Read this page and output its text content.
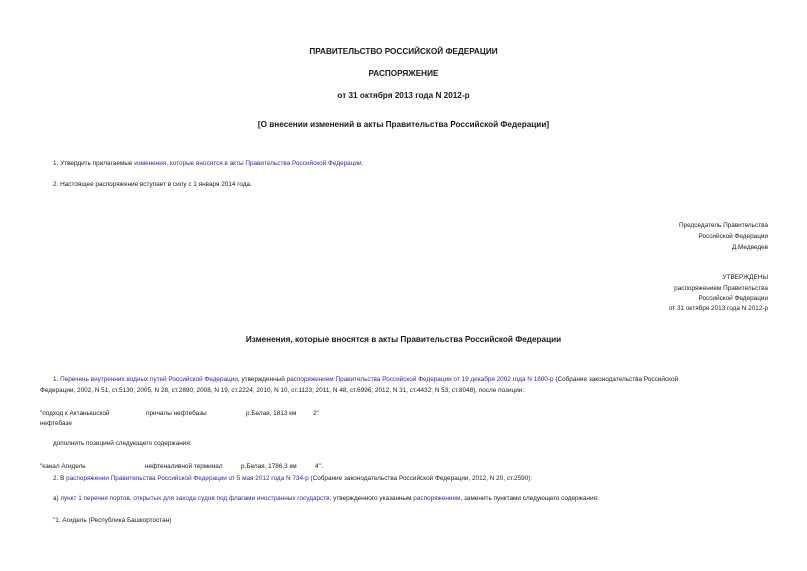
ПРАВИТЕЛЬСТВО РОССИЙСКОЙ ФЕДЕРАЦИИ
РАСПОРЯЖЕНИЕ
от 31 октября 2013 года N 2012-р
[О внесении изменений в акты Правительства Российской Федерации]
1. Утвердить прилагаемые изменения, которые вносятся в акты Правительства Российской Федерации.
2. Настоящее распоряжение вступает в силу с 1 января 2014 года.
Председатель Правительства
Российской Федерации
Д.Медведев
УТВЕРЖДЕНЫ
распоряжением Правительства
Российской Федерации
от 31 октября 2013 года N 2012-р
Изменения, которые вносятся в акты Правительства Российской Федерации
1. Перечень внутренних водных путей Российской Федерации, утвержденный распоряжением Правительства Российской Федерации от 19 декабря 2002 года N 1800-р (Собрание законодательства Российской
Федерации, 2002, N 51, ст.5130; 2005, N 28, ст.2890; 2008, N 19, ст.2224; 2010, N 10, ст.1123; 2011, N 48, ст.6996; 2012, N 31, ст.4432; N 53, ст.8048), после позиции:
"подход к Актанышской
нефтебазе
причалы нефтебазы	р.Белая, 1813 км	2"
дополнить позицией следующего содержания:
"канал Агидель	нефтеналивной терминал	р.Белая, 1786,3 км	4".
2. В распоряжении Правительства Российской Федерации от 5 мая 2012 года N 734-р (Собрание законодательства Российской Федерации, 2012, N 20, ст.2590):
а) пункт 1 перечня портов, открытых для захода судов под флагами иностранных государств, утвержденного указанным распоряжением, заменить пунктами следующего содержания:
"1. Агидель (Республика Башкортостан)
